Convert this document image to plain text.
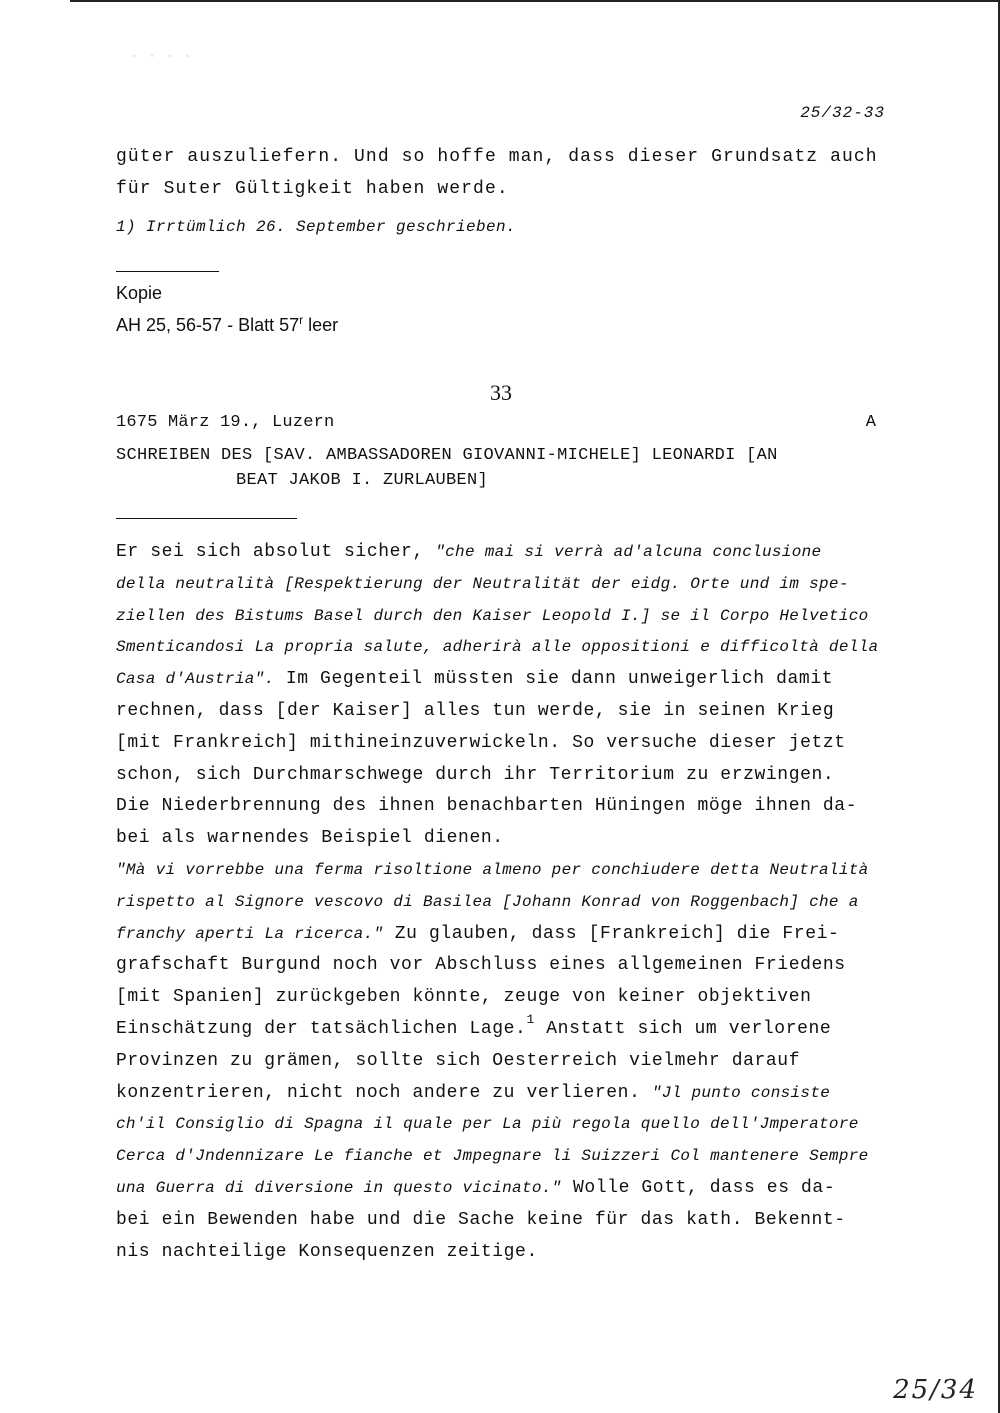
· · · ·
25/32-33

güter auszuliefern. Und so hoffe man, dass dieser Grundsatz auch

für Suter Gültigkeit haben werde.

1) Irrtümlich 26. September geschrieben.
Kopie
AH 25, 56-57 - Blatt 57$^r$ leer
33
1675 März 19., Luzern	A
SCHREIBEN DES [SAV. AMBASSADOREN GIOVANNI-MICHELE] LEONARDI [AN
BEAT JAKOB I. ZURLAUBEN]

Er sei sich absolut sicher, "che mai si verrà ad'alcuna conclusione

della neutralità [Respektierung der Neutralität der eidg. Orte und im spe-

ziellen des Bistums Basel durch den Kaiser Leopold I.] se il Corpo Helvetico

Smenticandosi La propria salute, adherirà alle oppositioni e difficoltà della

Casa d'Austria". Im Gegenteil müssten sie dann unweigerlich damit

rechnen, dass [der Kaiser] alles tun werde, sie in seinen Krieg

[mit Frankreich] mithineinzuverwickeln. So versuche dieser jetzt

schon, sich Durchmarschwege durch ihr Territorium zu erzwingen.

Die Niederbrennung des ihnen benachbarten Hüningen möge ihnen da-

bei als warnendes Beispiel dienen.

"Mà vi vorrebbe una ferma risoltione almeno per conchiudere detta Neutralità

rispetto al Signore vescovo di Basilea [Johann Konrad von Roggenbach] che a

franchy aperti La ricerca." Zu glauben, dass [Frankreich] die Frei-

grafschaft Burgund noch vor Abschluss eines allgemeinen Friedens

[mit Spanien] zurückgeben könnte, zeuge von keiner objektiven

Einschätzung der tatsächlichen Lage.$^1$ Anstatt sich um verlorene

Provinzen zu grämen, sollte sich Oesterreich vielmehr darauf

konzentrieren, nicht noch andere zu verlieren. "Jl punto consiste

ch'il Consiglio di Spagna il quale per La più regola quello dell'Jmperatore

Cerca d'Jndennizare Le fianche et Jmpegnare li Suizzeri Col mantenere Sempre

una Guerra di diversione in questo vicinato." Wolle Gott, dass es da-

bei ein Bewenden habe und die Sache keine für das kath. Bekennt-

nis nachteilige Konsequenzen zeitige.

25/34
